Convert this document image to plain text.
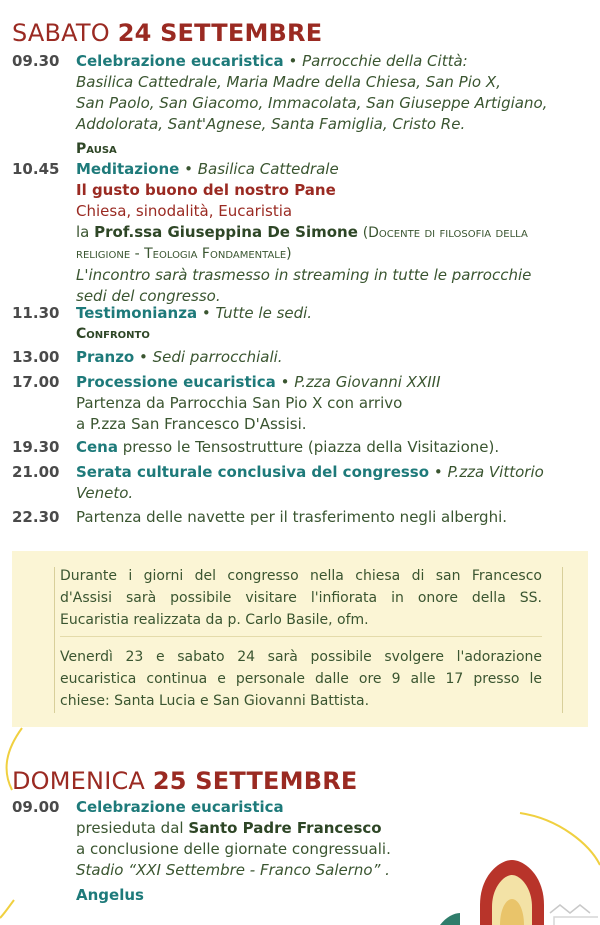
SABATO 24 SETTEMBRE
09.30 Celebrazione eucaristica • Parrocchie della Città:
Basilica Cattedrale, Maria Madre della Chiesa, San Pio X,
San Paolo, San Giacomo, Immacolata, San Giuseppe Artigiano,
Addolorata, Sant'Agnese, Santa Famiglia, Cristo Re.
Pausa
10.45 Meditazione • Basilica Cattedrale
Il gusto buono del nostro Pane
Chiesa, sinodalità, Eucaristia
la Prof.ssa Giuseppina De Simone (Docente di filosofia della
religione - Teologia Fondamentale)
L'incontro sarà trasmesso in streaming in tutte le parrocchie
sedi del congresso.
11.30 Testimonianza • Tutte le sedi.
Confronto
13.00 Pranzo • Sedi parrocchiali.
17.00 Processione eucaristica • P.zza Giovanni XXIII
Partenza da Parrocchia San Pio X con arrivo
a P.zza San Francesco D'Assisi.
19.30 Cena presso le Tensostrutture (piazza della Visitazione).
21.00 Serata culturale conclusiva del congresso • P.zza Vittorio
Veneto.
22.30 Partenza delle navette per il trasferimento negli alberghi.

Durante i giorni del congresso nella chiesa di san Francesco
d'Assisi sarà possibile visitare l'infiorata in onore della SS.
Eucaristia realizzata da p. Carlo Basile, ofm.

Venerdì 23 e sabato 24 sarà possibile svolgere l'adorazione
eucaristica continua e personale dalle ore 9 alle 17 presso le
chiese: Santa Lucia e San Giovanni Battista.

DOMENICA 25 SETTEMBRE
09.00 Celebrazione eucaristica
presieduta dal Santo Padre Francesco
a conclusione delle giornate congressuali.
Stadio “XXI Settembre - Franco Salerno” .
Angelus
